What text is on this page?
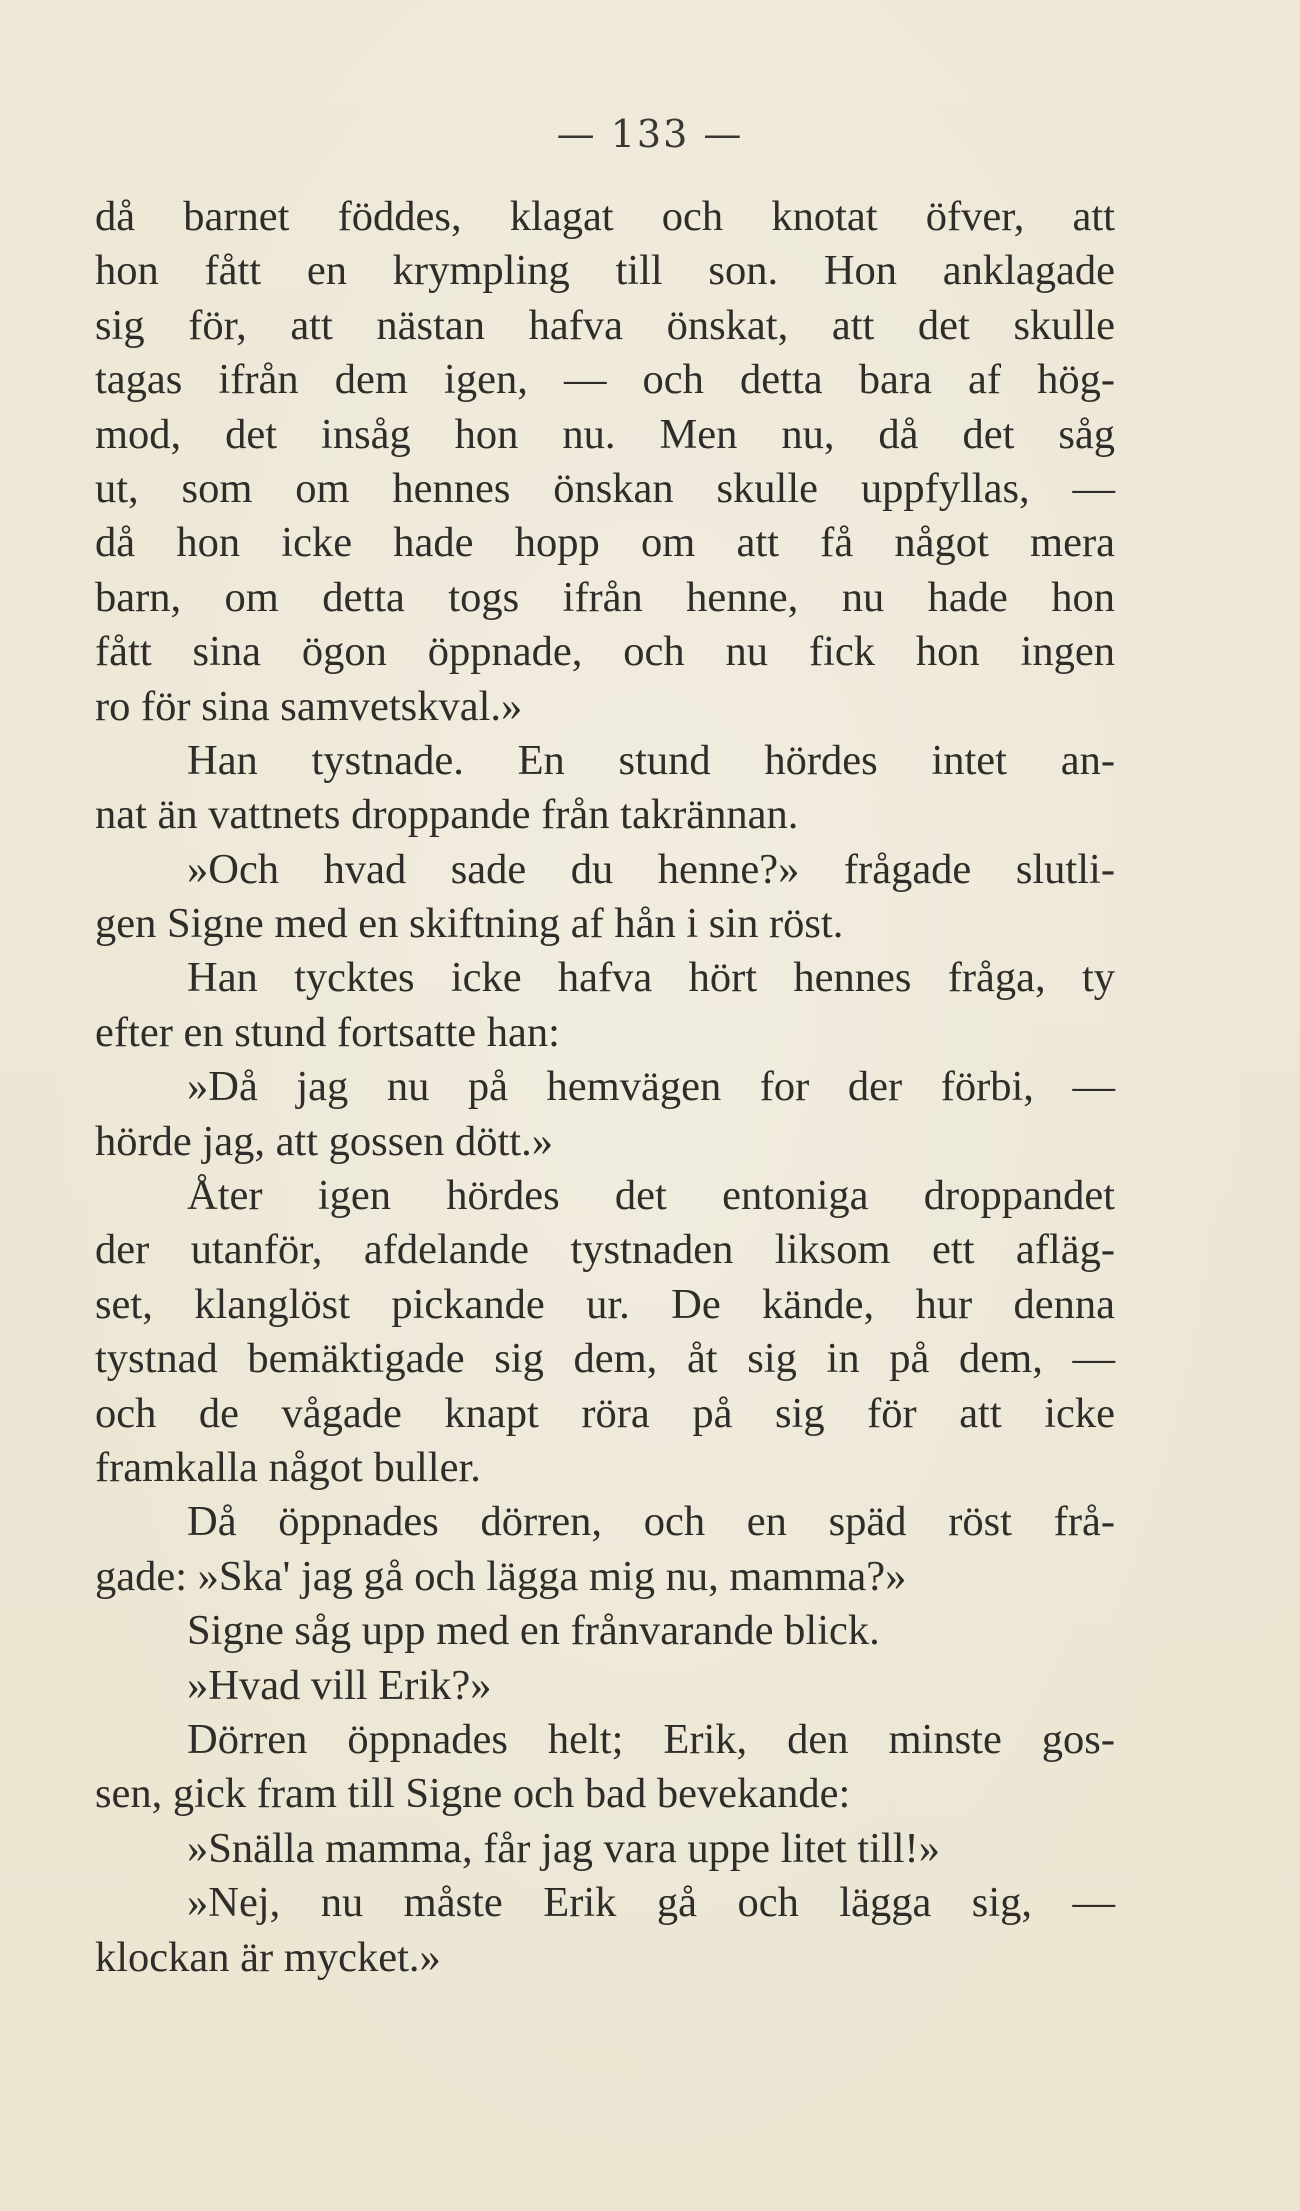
— 133 —
då barnet föddes, klagat och knotat öfver, att
hon fått en krympling till son. Hon anklagade
sig för, att nästan hafva önskat, att det skulle
tagas ifrån dem igen, — och detta bara af hög-
mod, det insåg hon nu. Men nu, då det såg
ut, som om hennes önskan skulle uppfyllas, —
då hon icke hade hopp om att få något mera
barn, om detta togs ifrån henne, nu hade hon
fått sina ögon öppnade, och nu fick hon ingen
ro för sina samvetskval.»
Han tystnade. En stund hördes intet an-
nat än vattnets droppande från takrännan.
»Och hvad sade du henne?» frågade slutli-
gen Signe med en skiftning af hån i sin röst.
Han tycktes icke hafva hört hennes fråga, ty
efter en stund fortsatte han:
»Då jag nu på hemvägen for der förbi, —
hörde jag, att gossen dött.»
Åter igen hördes det entoniga droppandet
der utanför, afdelande tystnaden liksom ett afläg-
set, klanglöst pickande ur. De kände, hur denna
tystnad bemäktigade sig dem, åt sig in på dem, —
och de vågade knapt röra på sig för att icke
framkalla något buller.
Då öppnades dörren, och en späd röst frå-
gade: »Ska' jag gå och lägga mig nu, mamma?»
Signe såg upp med en frånvarande blick.
»Hvad vill Erik?»
Dörren öppnades helt; Erik, den minste gos-
sen, gick fram till Signe och bad bevekande:
»Snälla mamma, får jag vara uppe litet till!»
»Nej, nu måste Erik gå och lägga sig, —
klockan är mycket.»
